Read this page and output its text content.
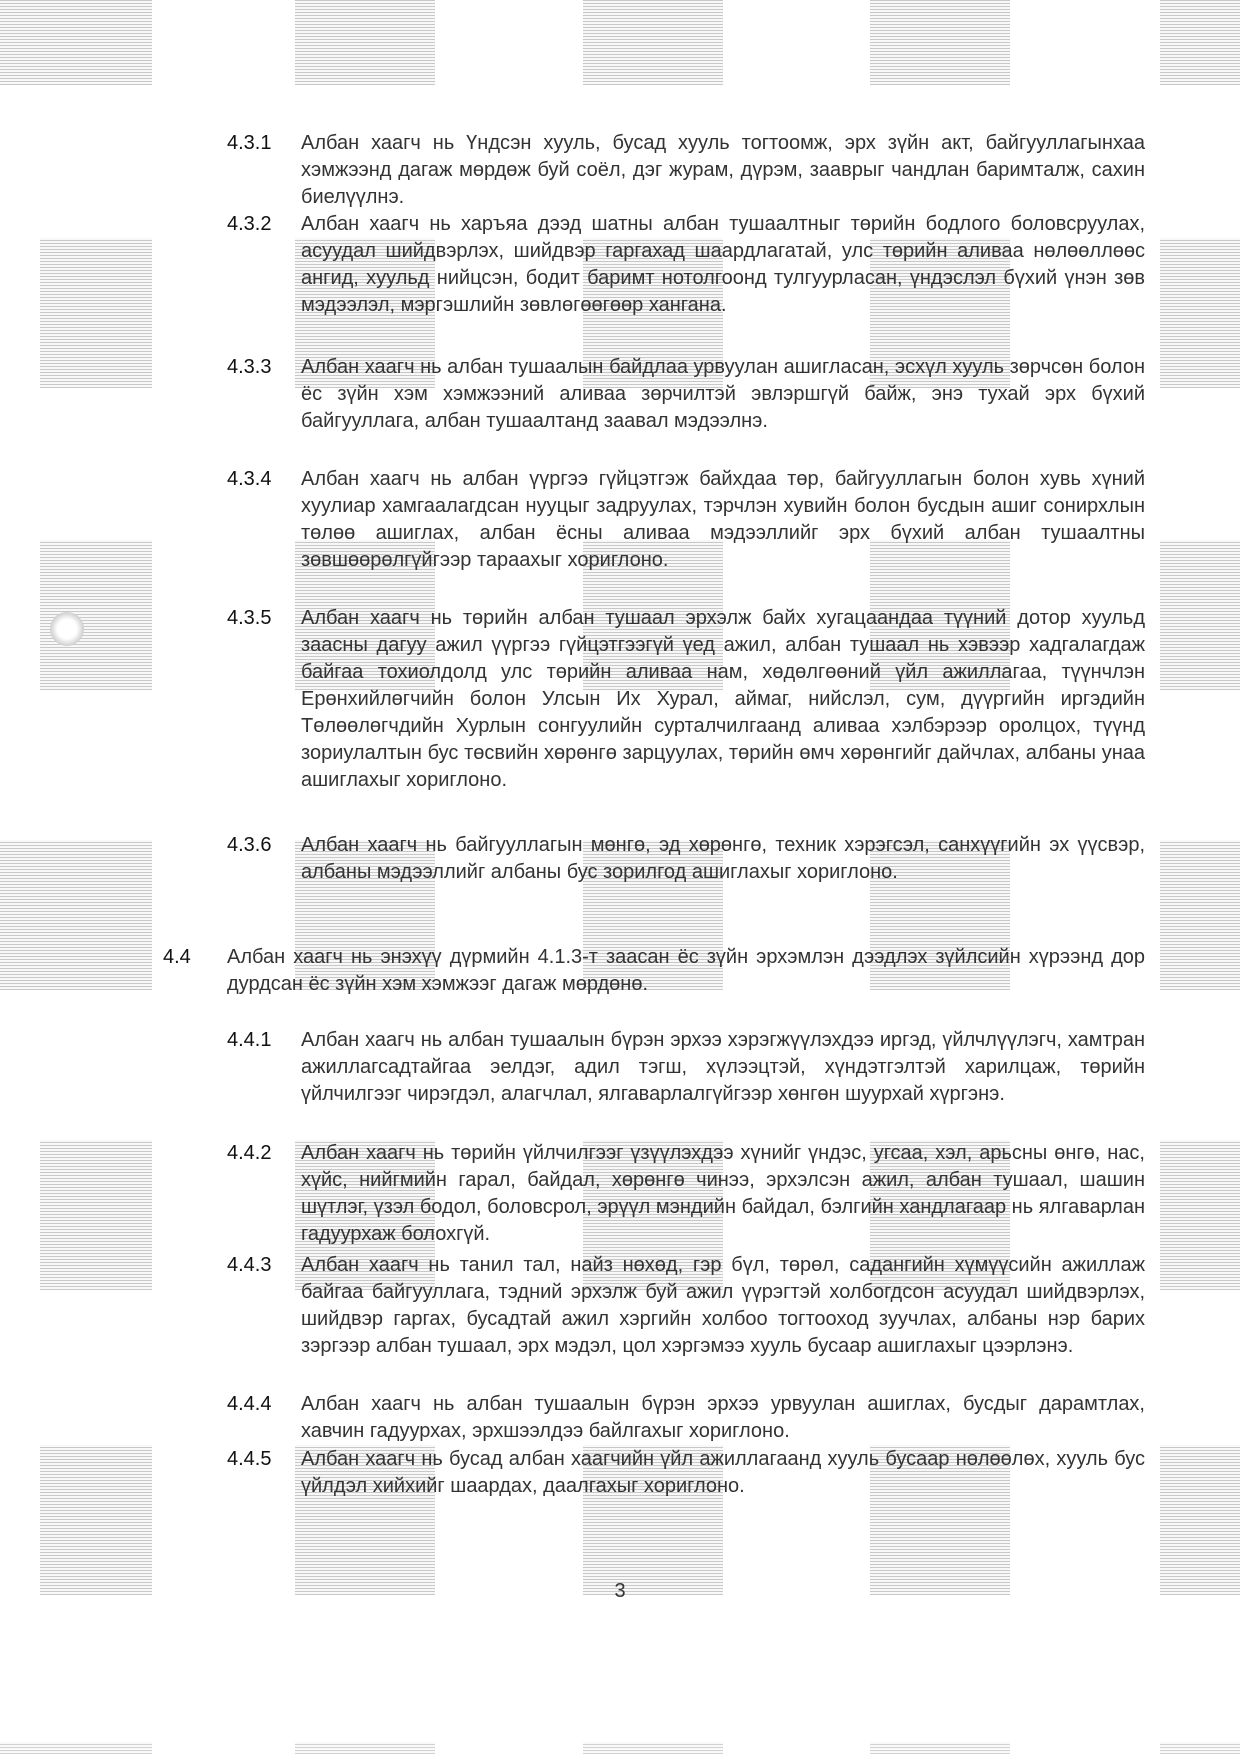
4.3.1 Албан хаагч нь Үндсэн хууль, бусад хууль тогтоомж, эрх зүйн акт, байгууллагынхаа хэмжээнд дагаж мөрдөж буй соёл, дэг журам, дүрэм, зааврыг чандлан баримталж, сахин биелүүлнэ.
4.3.2 Албан хаагч нь харъяа дээд шатны албан тушаалтныг төрийн бодлого боловсруулах, асуудал шийдвэрлэх, шийдвэр гаргахад шаардлагатай, улс төрийн аливаа нөлөөллөөс ангид, хуульд нийцсэн, бодит баримт нотолгоонд тулгуурласан, үндэслэл бүхий үнэн зөв мэдээлэл, мэргэшлийн зөвлөгөөгөөр хангана.
4.3.3 Албан хаагч нь албан тушаалын байдлаа урвуулан ашигласан, эсхүл хууль зөрчсөн болон ёс зүйн хэм хэмжээний аливаа зөрчилтэй эвлэршгүй байж, энэ тухай эрх бүхий байгууллага, албан тушаалтанд заавал мэдээлнэ.
4.3.4 Албан хаагч нь албан үүргээ гүйцэтгэж байхдаа төр, байгууллагын болон хувь хүний хуулиар хамгаалагдсан нууцыг задруулах, тэрчлэн хувийн болон бусдын ашиг сонирхлын төлөө ашиглах, албан ёсны аливаа мэдээллийг эрх бүхий албан тушаалтны зөвшөөрөлгүйгээр тараахыг хориглоно.
4.3.5 Албан хаагч нь төрийн албан тушаал эрхэлж байх хугацаандаа түүний дотор хуульд заасны дагуу ажил үүргээ гүйцэтгээгүй үед ажил, албан тушаал нь хэвээр хадгалагдаж байгаа тохиолдолд улс төрийн аливаа нам, хөдөлгөөний үйл ажиллагаа, түүнчлэн Ерөнхийлөгчийн болон Улсын Их Хурал, аймаг, нийслэл, сум, дүүргийн иргэдийн Төлөөлөгчдийн Хурлын сонгуулийн сурталчилгаанд аливаа хэлбэрээр оролцох, түүнд зориулалтын бус төсвийн хөрөнгө зарцуулах, төрийн өмч хөрөнгийг дайчлах, албаны унаа ашиглахыг хориглоно.
4.3.6 Албан хаагч нь байгууллагын мөнгө, эд хөрөнгө, техник хэрэгсэл, санхүүгийн эх үүсвэр, албаны мэдээллийг албаны бус зорилгод ашиглахыг хориглоно.
4.4 Албан хаагч нь энэхүү дүрмийн 4.1.3-т заасан ёс зүйн эрхэмлэн дээдлэх зүйлсийн хүрээнд дор дурдсан ёс зүйн хэм хэмжээг дагаж мөрдөнө.
4.4.1 Албан хаагч нь албан тушаалын бүрэн эрхээ хэрэгжүүлэхдээ иргэд, үйлчлүүлэгч, хамтран ажиллагсадтайгаа эелдэг, адил тэгш, хүлээцтэй, хүндэтгэлтэй харилцаж, төрийн үйлчилгээг чирэгдэл, алагчлал, ялгаварлалгүйгээр хөнгөн шуурхай хүргэнэ.
4.4.2 Албан хаагч нь төрийн үйлчилгээг үзүүлэхдээ хүнийг үндэс, угсаа, хэл, арьсны өнгө, нас, хүйс, нийгмийн гарал, байдал, хөрөнгө чинээ, эрхэлсэн ажил, албан тушаал, шашин шүтлэг, үзэл бодол, боловсрол, эрүүл мэндийн байдал, бэлгийн хандлагаар нь ялгаварлан гадуурхаж болохгүй.
4.4.3 Албан хаагч нь танил тал, найз нөхөд, гэр бүл, төрөл, садангийн хүмүүсийн ажиллаж байгаа байгууллага, тэдний эрхэлж буй ажил үүрэгтэй холбогдсон асуудал шийдвэрлэх, шийдвэр гаргах, бусадтай ажил хэргийн холбоо тогтооход зуучлах, албаны нэр барих зэргээр албан тушаал, эрх мэдэл, цол хэргэмээ хууль бусаар ашиглахыг цээрлэнэ.
4.4.4 Албан хаагч нь албан тушаалын бүрэн эрхээ урвуулан ашиглах, бусдыг дарамтлах, хавчин гадуурхах, эрхшээлдээ байлгахыг хориглоно.
4.4.5 Албан хаагч нь бусад албан хаагчийн үйл ажиллагаанд хууль бусаар нөлөөлөх, хууль бус үйлдэл хийхийг шаардах, даалгахыг хориглоно.
3
